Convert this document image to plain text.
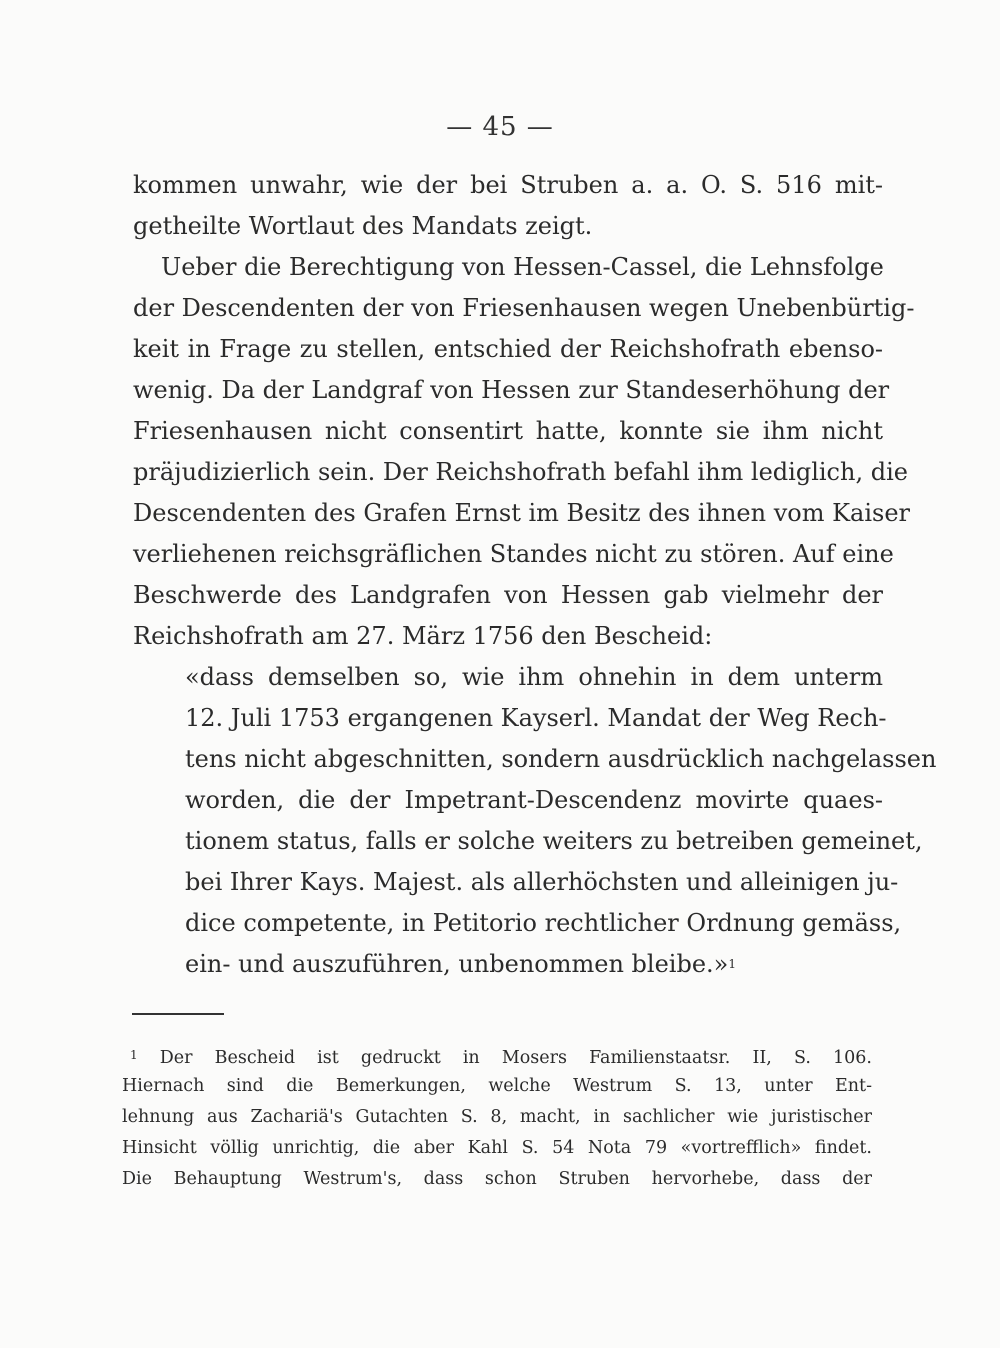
— 45 —
kommen unwahr, wie der bei Struben a. a. O. S. 516 mit-
getheilte Wortlaut des Mandats zeigt.
Ueber die Berechtigung von Hessen-Cassel, die Lehnsfolge
der Descendenten der von Friesenhausen wegen Unebenbürtig-
keit in Frage zu stellen, entschied der Reichshofrath ebenso-
wenig. Da der Landgraf von Hessen zur Standeserhöhung der
Friesenhausen nicht consentirt hatte, konnte sie ihm nicht
präjudizierlich sein. Der Reichshofrath befahl ihm lediglich, die
Descendenten des Grafen Ernst im Besitz des ihnen vom Kaiser
verliehenen reichsgräflichen Standes nicht zu stören. Auf eine
Beschwerde des Landgrafen von Hessen gab vielmehr der
Reichshofrath am 27. März 1756 den Bescheid:
«dass demselben so, wie ihm ohnehin in dem unterm
12. Juli 1753 ergangenen Kayserl. Mandat der Weg Rech-
tens nicht abgeschnitten, sondern ausdrücklich nachgelassen
worden, die der Impetrant-Descendenz movirte quaes-
tionem status, falls er solche weiters zu betreiben gemeinet,
bei Ihrer Kays. Majest. als allerhöchsten und alleinigen ju-
dice competente, in Petitorio rechtlicher Ordnung gemäss,
ein- und auszuführen, unbenommen bleibe.»$^1$
$^1$ Der Bescheid ist gedruckt in Mosers Familienstaatsr. II, S. 106.
Hiernach sind die Bemerkungen, welche Westrum S. 13, unter Ent-
lehnung aus Zachariä's Gutachten S. 8, macht, in sachlicher wie juristischer
Hinsicht völlig unrichtig, die aber Kahl S. 54 Nota 79 «vortrefflich» findet.
Die Behauptung Westrum's, dass schon Struben hervorhebe, dass der
